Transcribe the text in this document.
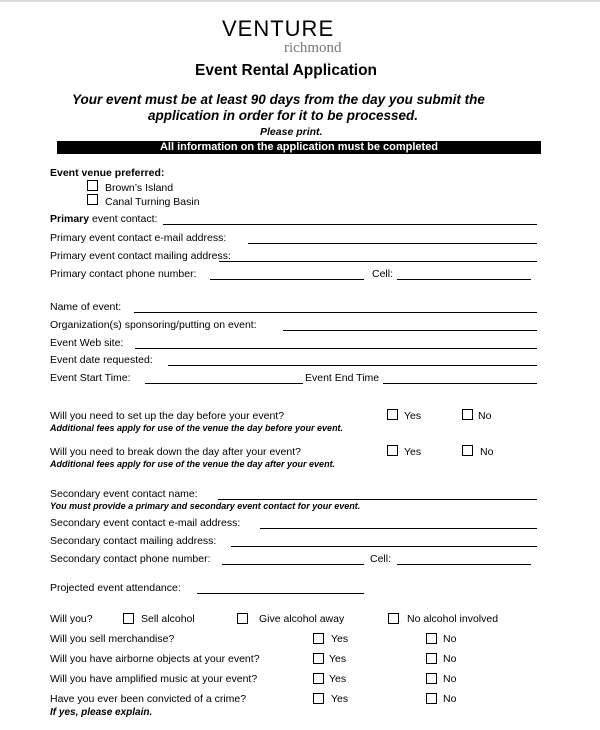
VENTURE
richmond
Event Rental Application
Your event must be at least 90 days from the day you submit the
application in order for it to be processed.
Please print.
All information on the application must be completed
Event venue preferred:
Brown’s Island
Canal Turning Basin
Primary event contact:
Primary event contact e-mail address:
Primary event contact mailing address:
Primary contact phone number:	Cell:
Name of event:
Organization(s) sponsoring/putting on event:
Event Web site:
Event date requested:
Event Start Time:	Event End Time
Will you need to set up the day before your event?
Additional fees apply for use of the venue the day before your event.
Yes	No
Will you need to break down the day after your event?
Additional fees apply for use of the venue the day after your event.
Yes	No
Secondary event contact name:
You must provide a primary and secondary event contact for your event.
Secondary event contact e-mail address:
Secondary contact mailing address:
Secondary contact phone number:	Cell:
Projected event attendance:
Will you?	Sell alcohol	Give alcohol away	No alcohol involved
Will you sell merchandise?	Yes	No
Will you have airborne objects at your event?	Yes	No
Will you have amplified music at your event?	Yes	No
Have you ever been convicted of a crime?	Yes	No
If yes, please explain.
